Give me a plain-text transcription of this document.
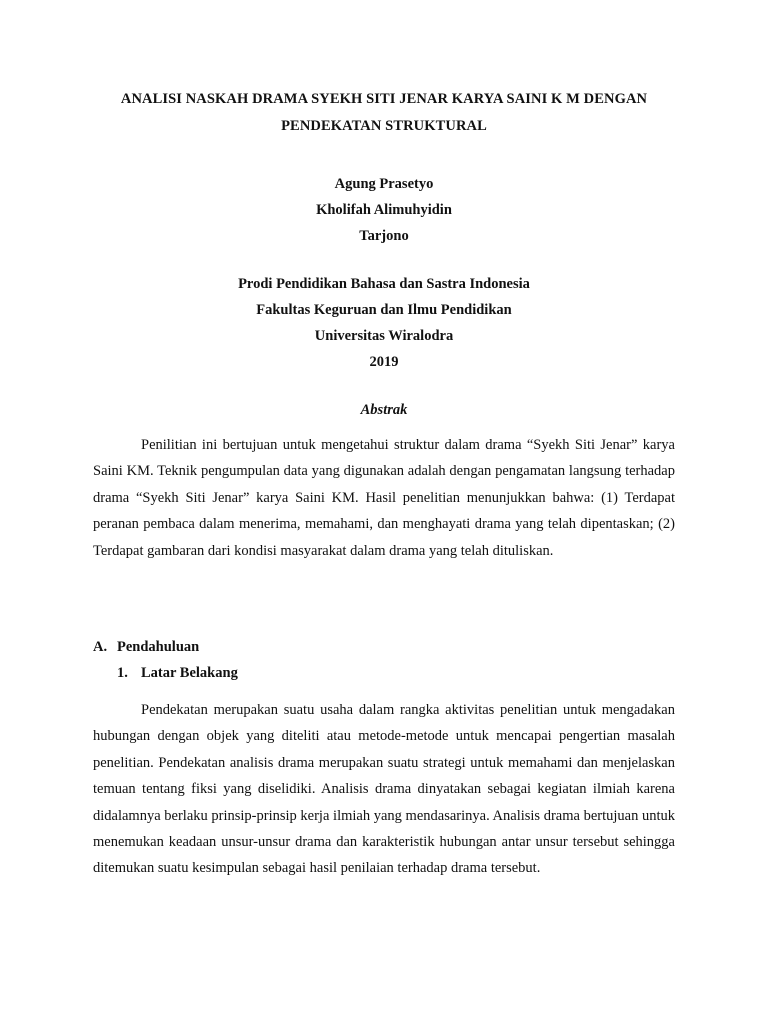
ANALISI NASKAH DRAMA SYEKH SITI JENAR KARYA SAINI K M DENGAN
PENDEKATAN STRUKTURAL
Agung Prasetyo
Kholifah Alimuhyidin
Tarjono
Prodi Pendidikan Bahasa dan Sastra Indonesia
Fakultas Keguruan dan Ilmu Pendidikan
Universitas Wiralodra
2019
Abstrak
Penilitian ini bertujuan untuk mengetahui struktur dalam drama “Syekh Siti Jenar” karya Saini KM. Teknik pengumpulan data yang digunakan adalah dengan pengamatan langsung terhadap drama “Syekh Siti Jenar” karya Saini KM. Hasil penelitian menunjukkan bahwa: (1) Terdapat peranan pembaca dalam menerima, memahami, dan menghayati drama yang telah dipentaskan; (2) Terdapat gambaran dari kondisi masyarakat dalam drama yang telah dituliskan.
A. Pendahuluan
1. Latar Belakang
Pendekatan merupakan suatu usaha dalam rangka aktivitas penelitian untuk mengadakan hubungan dengan objek yang diteliti atau metode-metode untuk mencapai pengertian masalah penelitian. Pendekatan analisis drama merupakan suatu strategi untuk memahami dan menjelaskan temuan tentang fiksi yang diselidiki. Analisis drama dinyatakan sebagai kegiatan ilmiah karena didalamnya berlaku prinsip-prinsip kerja ilmiah yang mendasarinya. Analisis drama bertujuan untuk menemukan keadaan unsur-unsur drama dan karakteristik hubungan antar unsur tersebut sehingga ditemukan suatu kesimpulan sebagai hasil penilaian terhadap drama tersebut.
